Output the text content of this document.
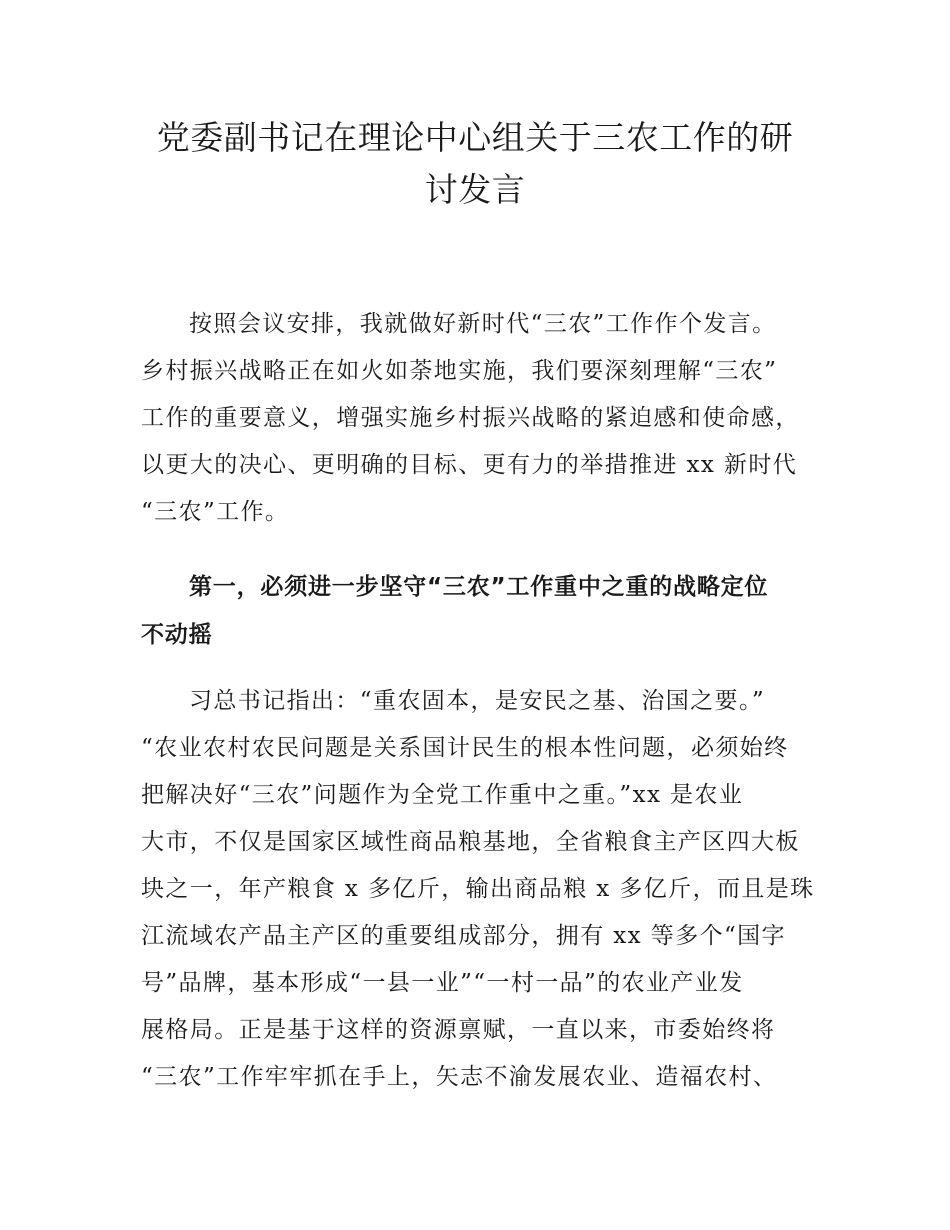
党委副书记在理论中心组关于三农工作的研
讨发言

按照会议安排，我就做好新时代“三农”工作作个发言。
乡村振兴战略正在如火如荼地实施，我们要深刻理解“三农”
工作的重要意义，增强实施乡村振兴战略的紧迫感和使命感，
以更大的决心、更明确的目标、更有力的举措推进 xx 新时代
“三农”工作。

第一，必须进一步坚守“三农”工作重中之重的战略定位
不动摇

习总书记指出：“重农固本，是安民之基、治国之要。”
“农业农村农民问题是关系国计民生的根本性问题，必须始终
把解决好“三农”问题作为全党工作重中之重。”xx 是农业
大市，不仅是国家区域性商品粮基地，全省粮食主产区四大板
块之一，年产粮食 x 多亿斤，输出商品粮 x 多亿斤，而且是珠
江流域农产品主产区的重要组成部分，拥有 xx 等多个“国字
号”品牌，基本形成“一县一业”“一村一品”的农业产业发
展格局。正是基于这样的资源禀赋，一直以来，市委始终将
“三农”工作牢牢抓在手上，矢志不渝发展农业、造福农村、
